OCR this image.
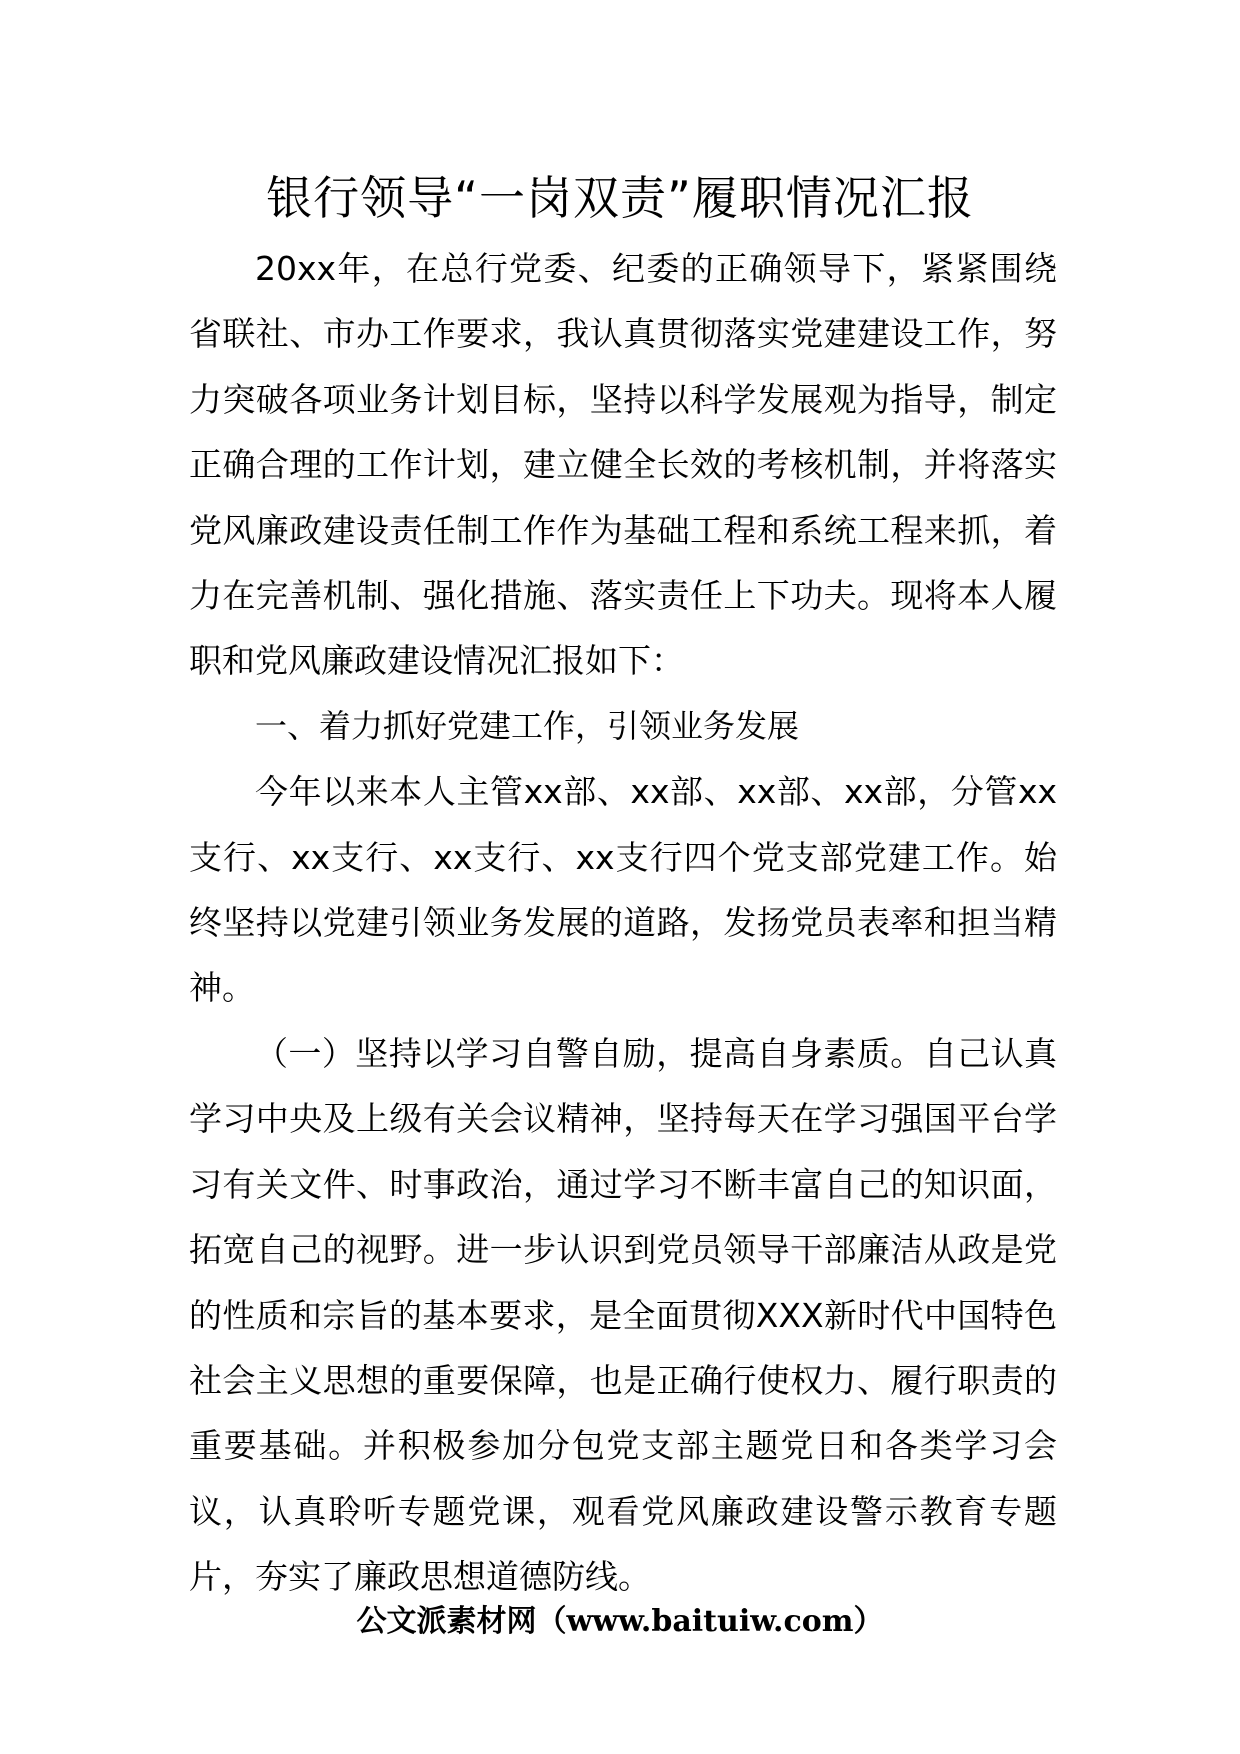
银行领导“一岗双责”履职情况汇报

20xx年，在总行党委、纪委的正确领导下，紧紧围绕省联社、市办工作要求，我认真贯彻落实党建建设工作，努力突破各项业务计划目标，坚持以科学发展观为指导，制定正确合理的工作计划，建立健全长效的考核机制，并将落实党风廉政建设责任制工作作为基础工程和系统工程来抓，着力在完善机制、强化措施、落实责任上下功夫。现将本人履职和党风廉政建设情况汇报如下：

一、着力抓好党建工作，引领业务发展

今年以来本人主管xx部、xx部、xx部、xx部，分管xx支行、xx支行、xx支行、xx支行四个党支部党建工作。始终坚持以党建引领业务发展的道路，发扬党员表率和担当精神。

（一）坚持以学习自警自励，提高自身素质。自己认真学习中央及上级有关会议精神，坚持每天在学习强国平台学习有关文件、时事政治，通过学习不断丰富自己的知识面，拓宽自己的视野。进一步认识到党员领导干部廉洁从政是党的性质和宗旨的基本要求，是全面贯彻XXX新时代中国特色社会主义思想的重要保障，也是正确行使权力、履行职责的重要基础。并积极参加分包党支部主题党日和各类学习会议，认真聆听专题党课，观看党风廉政建设警示教育专题片，夯实了廉政思想道德防线。

公文派素材网（www.baituiw.com）
